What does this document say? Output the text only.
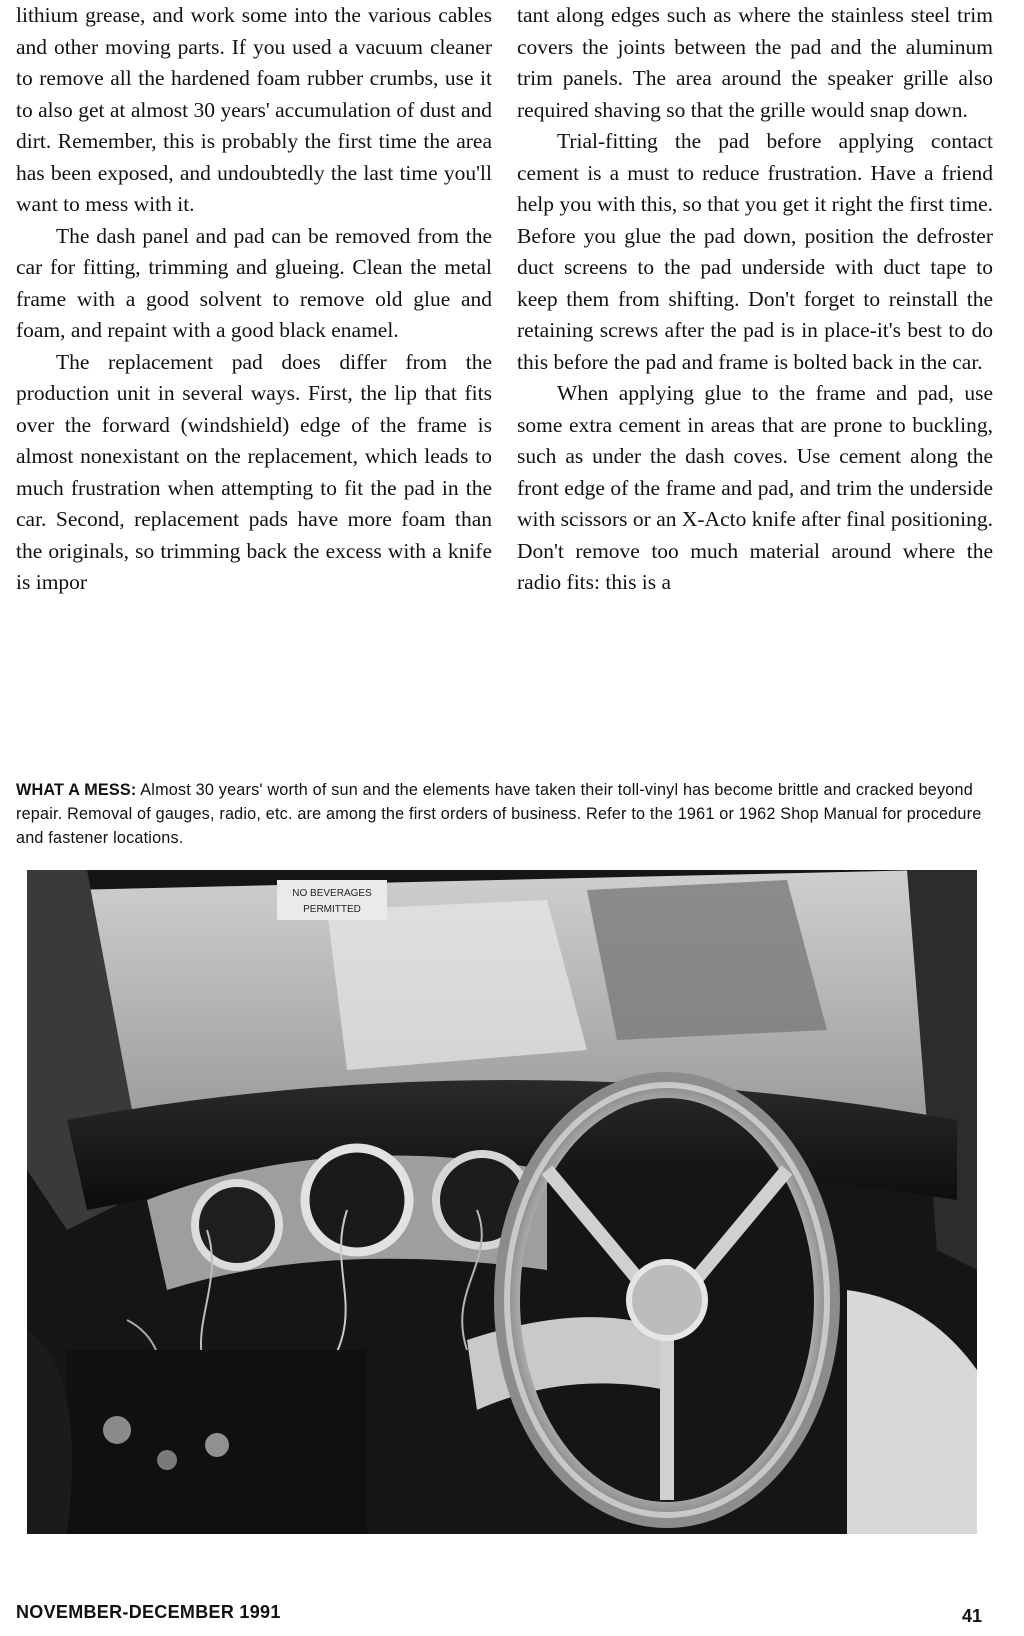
lithium grease, and work some into the various cables and other moving parts. If you used a vacuum cleaner to remove all the hardened foam rubber crumbs, use it to also get at almost 30 years' accumulation of dust and dirt. Remember, this is probably the first time the area has been exposed, and undoubtedly the last time you'll want to mess with it.

The dash panel and pad can be removed from the car for fitting, trimming and glueing. Clean the metal frame with a good solvent to remove old glue and foam, and repaint with a good black enamel.

The replacement pad does differ from the production unit in several ways. First, the lip that fits over the forward (windshield) edge of the frame is almost nonexistant on the replacement, which leads to much frustration when attempting to fit the pad in the car. Second, replacement pads have more foam than the originals, so trimming back the excess with a knife is impor

tant along edges such as where the stainless steel trim covers the joints between the pad and the aluminum trim panels. The area around the speaker grille also required shaving so that the grille would snap down.

Trial-fitting the pad before applying contact cement is a must to reduce frustration. Have a friend help you with this, so that you get it right the first time. Before you glue the pad down, position the defroster duct screens to the pad underside with duct tape to keep them from shifting. Don't forget to reinstall the retaining screws after the pad is in place-it's best to do this before the pad and frame is bolted back in the car.

When applying glue to the frame and pad, use some extra cement in areas that are prone to buckling, such as under the dash coves. Use cement along the front edge of the frame and pad, and trim the underside with scissors or an X-Acto knife after final positioning. Don't remove too much material around where the radio fits: this is a

WHAT A MESS: Almost 30 years' worth of sun and the elements have taken their toll-vinyl has become brittle and cracked beyond repair. Removal of gauges, radio, etc. are among the first orders of business. Refer to the 1961 or 1962 Shop Manual for procedure and fastener locations.
NO BEVERAGES
PERMITTED
NOVEMBER-DECEMBER 1991	41
